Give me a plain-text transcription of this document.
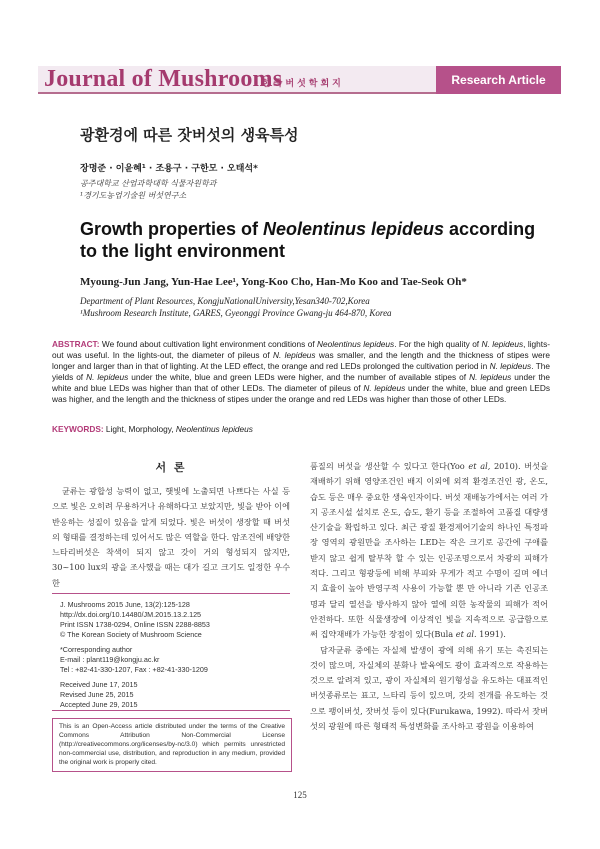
Journal of Mushrooms
한국버섯학회지	Research Article
광환경에 따른 잣버섯의 생육특성
장명준 · 이윤혜¹ · 조용구 · 구한모 · 오태석*
공주대학교 산업과학대학 식물자원학과
¹경기도농업기술원 버섯연구소
Growth properties of Neolentinus lepideus according to the light environment
Myoung-Jun Jang, Yun-Hae Lee¹, Yong-Koo Cho, Han-Mo Koo and Tae-Seok Oh*
Department of Plant Resources, KongjuNationalUniversity,Yesan340-702,Korea
¹Mushroom Research Institute, GARES, Gyeonggi Province Gwang-ju 464-870, Korea
ABSTRACT: We found about cultivation light environment conditions of Neolentinus lepideus. For the high quality of N. lepideus, lights-out was useful. In the lights-out, the diameter of pileus of N. lepideus was smaller, and the length and the thickness of stipes were longer and larger than in that of lighting. At the LED effect, the orange and red LEDs prolonged the cultivation period in N. lepideus. The yields of N. lepideus under the white, blue and green LEDs were higher, and the number of available stipes of N. lepideus under the white and blue LEDs was higher than that of other LEDs. The diameter of pileus of N. lepideus under the white, blue and green LEDs was higher, and the length and the thickness of stipes under the orange and red LEDs was higher than those of other LEDs.
KEYWORDS: Light, Morphology, Neolentinus lepideus
서 론

균류는 광합성 능력이 없고, 햇빛에 노출되면 나쁘다는 사실 등으로 빛은 오히려 무용하거나 유해하다고 보았지만, 빛을 받아 이에 반응하는 성질이 있음을 알게 되었다. 빛은 버섯이 생장할 때 버섯의 형태를 결정하는데 있어서도 많은 역할을 한다. 암조건에 배양한 느타리버섯은 착색이 되지 않고 갓이 거의 형성되지 않지만, 30~100 lux의 광을 조사했을 때는 대가 길고 크기도 일정한 우수한

J. Mushrooms 2015 June, 13(2):125-128
http://dx.doi.org/10.14480/JM.2015.13.2.125
Print ISSN 1738-0294, Online ISSN 2288-8853
© The Korean Society of Mushroom Science
*Corresponding author
E-mail : plant119@kongju.ac.kr
Tel : +82-41-330-1207, Fax : +82-41-330-1209
Received June 17, 2015
Revised June 25, 2015
Accepted June 29, 2015
This is an Open-Access article distributed under the terms of the Creative Commons Attribution Non-Commercial License (http://creativecommons.org/licenses/by-nc/3.0) which permits unrestricted non-commercial use, distribution, and reproduction in any medium, provided the original work is properly cited.

품질의 버섯을 생산할 수 있다고 한다(Yoo et al, 2010). 버섯을 재배하기 위해 영양조건인 배지 이외에 외적 환경조건인 광, 온도, 습도 등은 매우 중요한 생육인자이다. 버섯 재배농가에서는 여러 가지 공조시설 설치로 온도, 습도, 환기 등을 조절하여 고품질 대량생산기술을 확립하고 있다. 최근 광질 환경제어기술의 하나인 특정파장 영역의 광원만을 조사하는 LED는 작은 크기로 공간에 구애를 받지 않고 쉽게 탈부착 할 수 있는 인공조명으로서 차광의 피해가 적다. 그리고 형광등에 비해 부피와 무게가 적고 수명이 길며 에너지 효율이 높아 반영구적 사용이 가능할 뿐 만 아니라 기존 인공조명과 달리 열선을 방사하지 않아 열에 의한 농작물의 피해가 적어 안전하다. 또한 식물생장에 이상적인 빛을 지속적으로 공급함으로써 집약재배가 가능한 장점이 있다(Bula et al. 1991).

담자균류 중에는 자실체 발생이 광에 의해 유기 또는 촉진되는 것이 많으며, 자실체의 분화나 발육에도 광이 효과적으로 작용하는 것으로 알려져 있고, 광이 자실체의 원기형성을 유도하는 대표적인 버섯종류로는 표고, 느타리 등이 있으며, 갓의 전개를 유도하는 것으로 팽이버섯, 잣버섯 등이 있다(Furukawa, 1992). 따라서 잣버섯의 광원에 따른 형태적 특성변화를 조사하고 광원을 이용하여

125
